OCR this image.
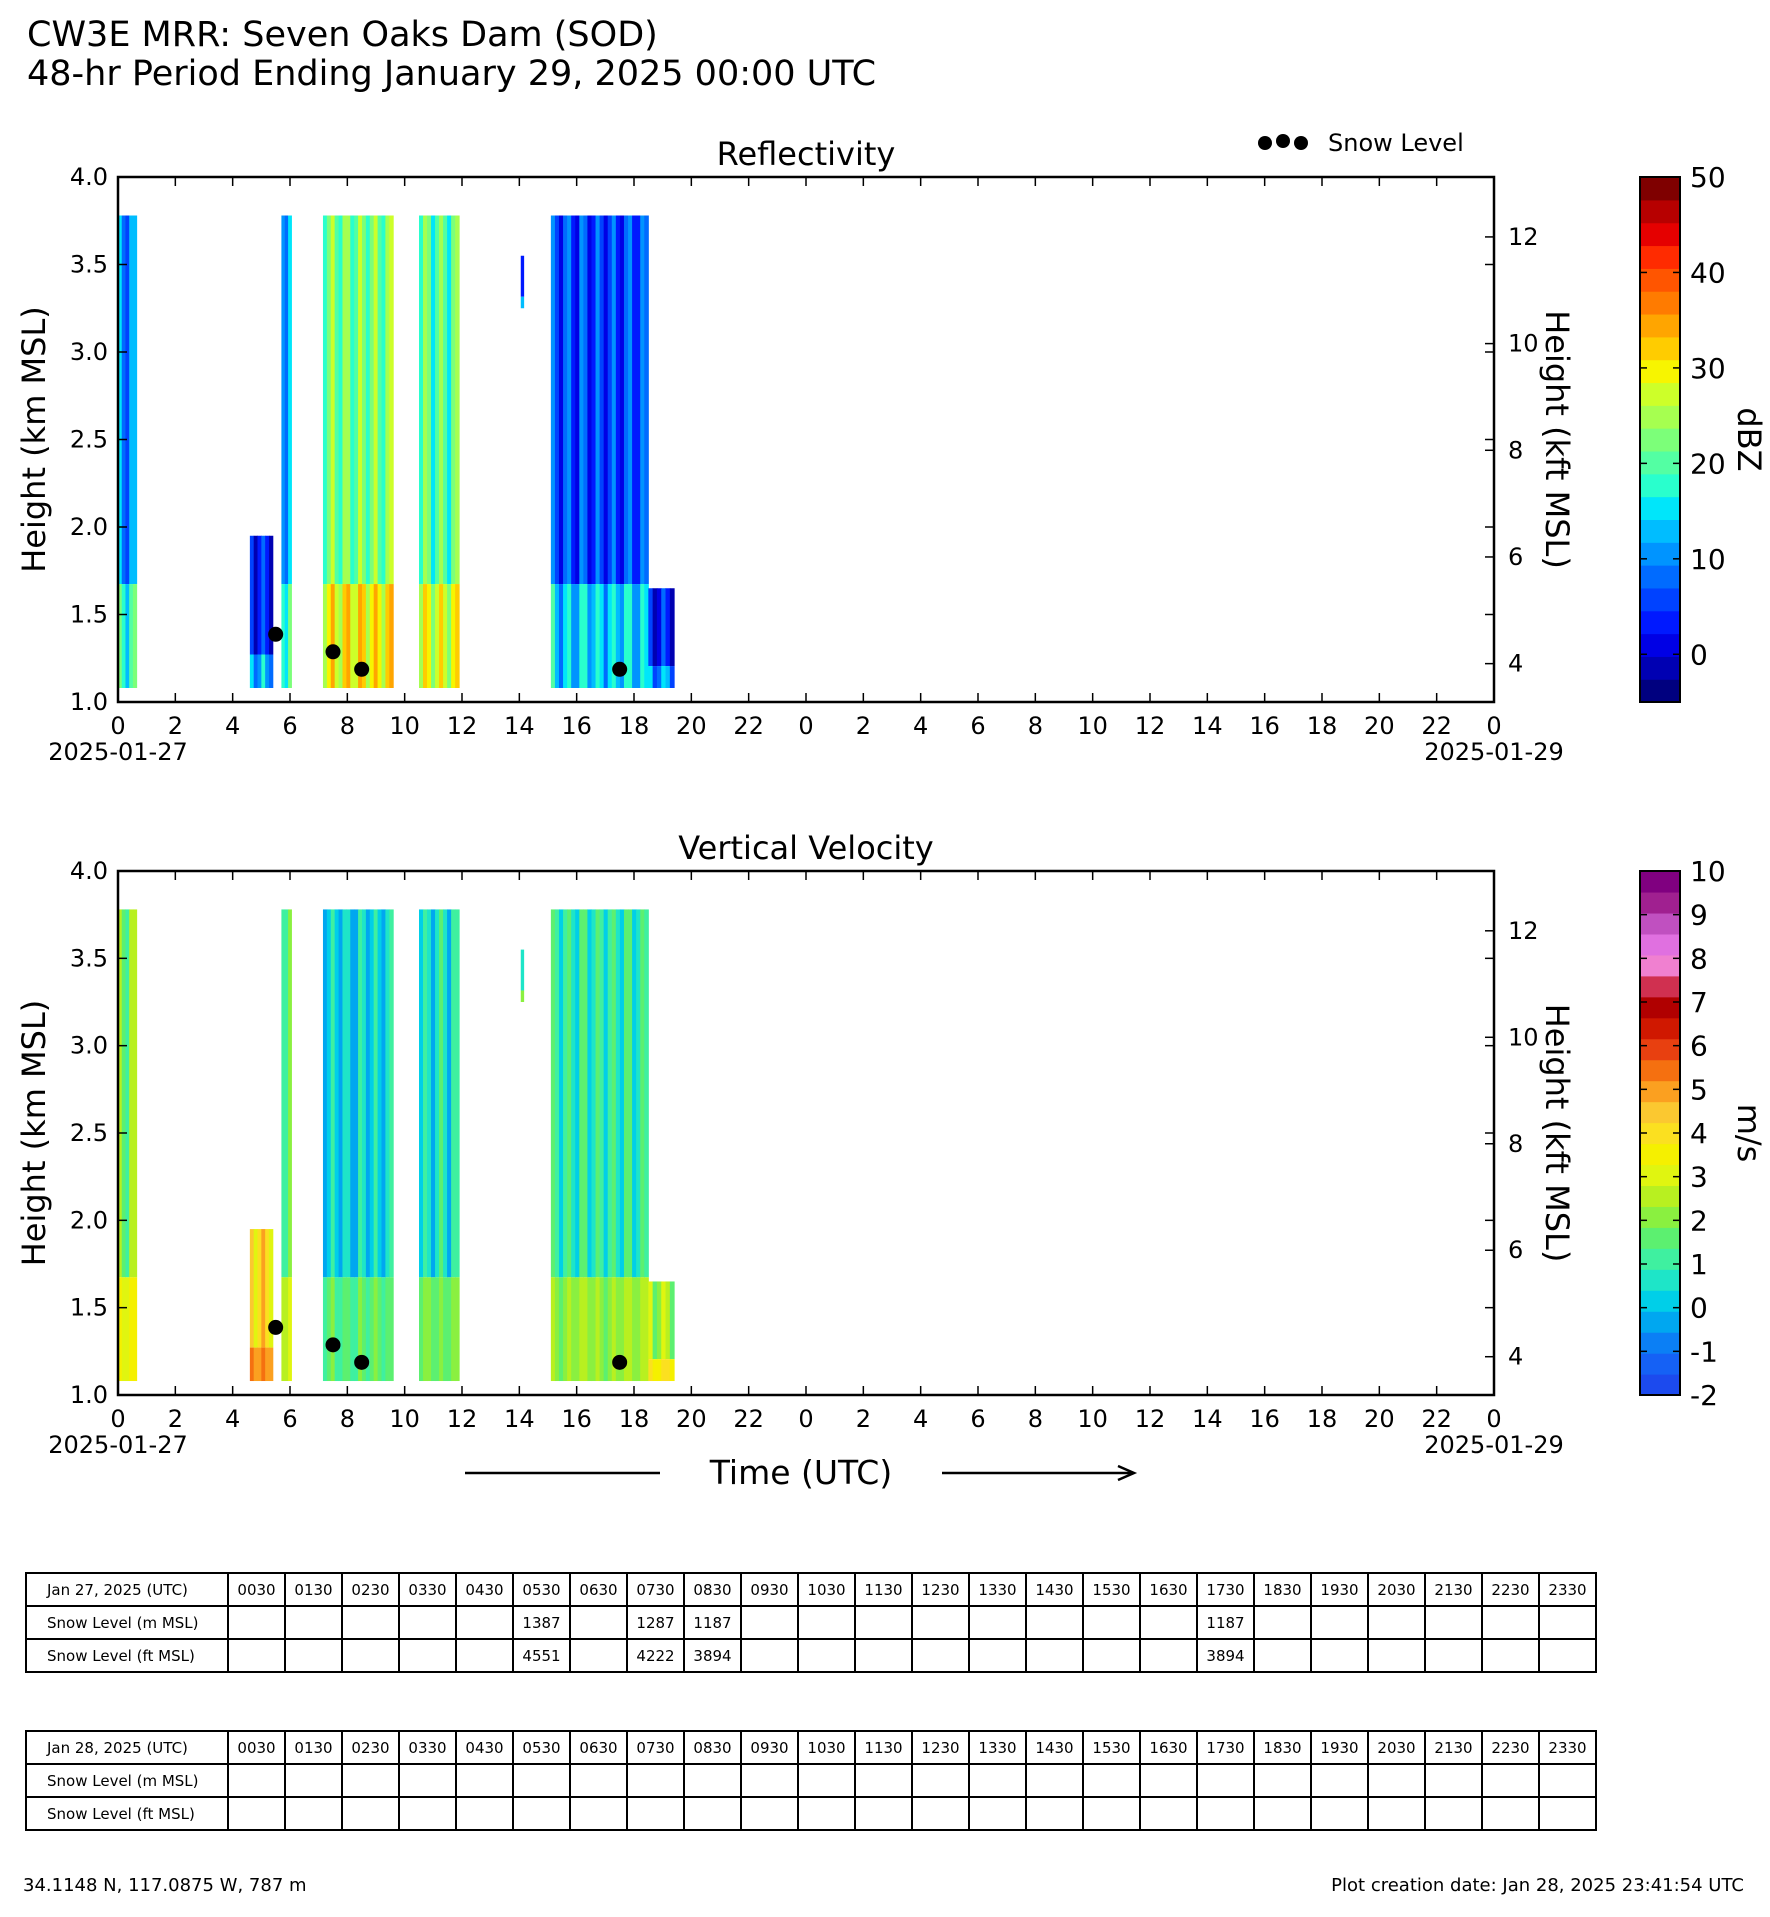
CW3E MRR: Seven Oaks Dam (SOD)
48-hr Period Ending January 29, 2025 00:00 UTC
Snow Level
Reflectivity
1.0
1.5
2.0
2.5
3.0
3.5
4.0
4
6
8
10
12
0 2 4 6 8 10 12 14 16 18 20 22 0 2 4 6 8 10 12 14 16 18 20 22 0
2025-01-27	2025-01-29
Height (km MSL)	Height (kft MSL)
0
10
20
30
40
50
dBZ
Vertical Velocity
1.0
1.5
2.0
2.5
3.0
3.5
4.0
4
6
8
10
12
0 2 4 6 8 10 12 14 16 18 20 22 0 2 4 6 8 10 12 14 16 18 20 22 0
2025-01-27	2025-01-29
Height (km MSL)	Height (kft MSL)
-2
-1
0
1
2
3
4
5
6
7
8
9
10
m/s
Time (UTC)
Jan 27, 2025 (UTC)	0030	0130	0230	0330	0430	0530	0630	0730	0830	0930	1030	1130	1230	1330	1430	1530	1630	1730	1830	1930	2030	2130	2230	2330
Snow Level (m MSL)						1387		1287	1187									1187						
Snow Level (ft MSL)						4551		4222	3894									3894						
Jan 28, 2025 (UTC)	0030	0130	0230	0330	0430	0530	0630	0730	0830	0930	1030	1130	1230	1330	1430	1530	1630	1730	1830	1930	2030	2130	2230	2330
Snow Level (m MSL)																								
Snow Level (ft MSL)																								
34.1148 N, 117.0875 W, 787 m	Plot creation date: Jan 28, 2025 23:41:54 UTC
